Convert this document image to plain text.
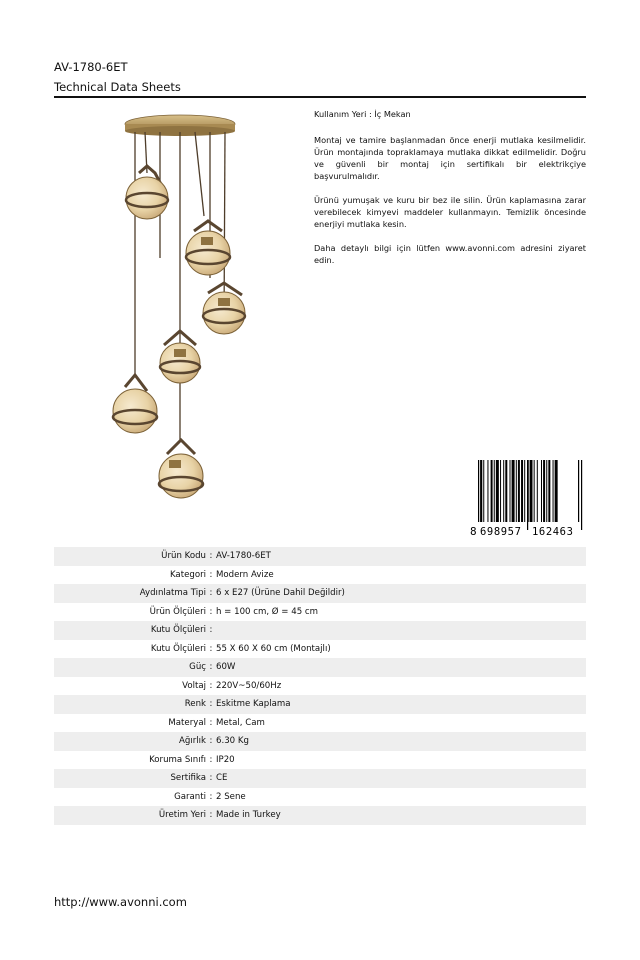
AV-1780-6ET
Technical Data Sheets

Kullanım Yeri : İç Mekan

Montaj ve tamire başlanmadan önce enerji mutlaka kesilmelidir. Ürün montajında topraklamaya mutlaka dikkat edilmelidir. Doğru ve güvenli bir montaj için sertifikalı bir elektrikçiye başvurulmalıdır.

Ürünü yumuşak ve kuru bir bez ile silin. Ürün kaplamasına zarar verebilecek kimyevi maddeler kullanmayın. Temizlik öncesinde enerjiyi mutlaka kesin.

Daha detaylı bilgi için lütfen www.avonni.com adresini ziyaret edin.

8 698957 162463
Ürün Kodu	:	AV-1780-6ET
Kategori	:	Modern Avize
Aydınlatma Tipi	:	6 x E27 (Ürüne Dahil Değildir)
Ürün Ölçüleri	:	h = 100 cm, Ø = 45 cm
Kutu Ölçüleri	:	
Kutu Ölçüleri	:	55 X 60 X 60 cm (Montajlı)
Güç	:	60W
Voltaj	:	220V~50/60Hz
Renk	:	Eskitme Kaplama
Materyal	:	Metal, Cam
Ağırlık	:	6.30 Kg
Koruma Sınıfı	:	IP20
Sertifika	:	CE
Garanti	:	2 Sene
Üretim Yeri	:	Made in Turkey
http://www.avonni.com
